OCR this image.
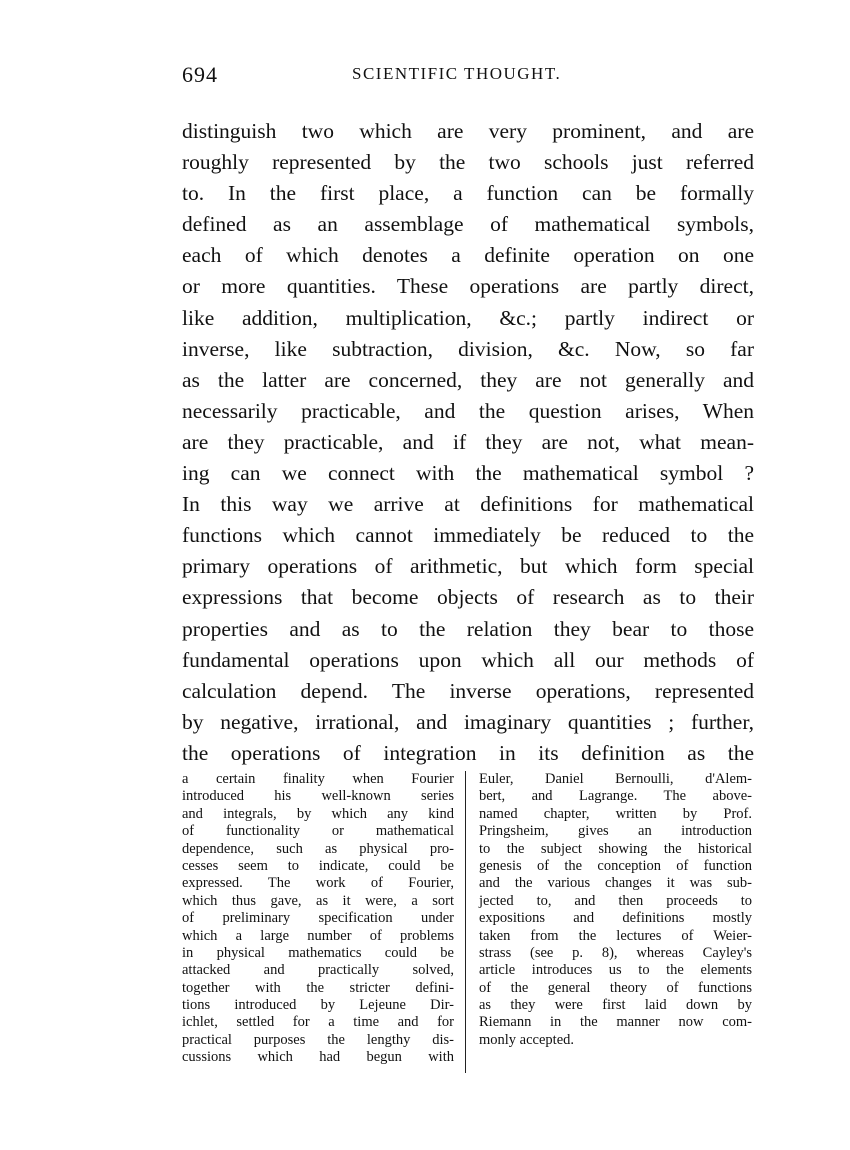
694	SCIENTIFIC THOUGHT.
distinguish two which are very prominent, and are
roughly represented by the two schools just referred
to. In the first place, a function can be formally
defined as an assemblage of mathematical symbols,
each of which denotes a definite operation on one
or more quantities. These operations are partly direct,
like addition, multiplication, &c.; partly indirect or
inverse, like subtraction, division, &c. Now, so far
as the latter are concerned, they are not generally and
necessarily practicable, and the question arises, When
are they practicable, and if they are not, what mean-
ing can we connect with the mathematical symbol ?
In this way we arrive at definitions for mathematical
functions which cannot immediately be reduced to the
primary operations of arithmetic, but which form special
expressions that become objects of research as to their
properties and as to the relation they bear to those
fundamental operations upon which all our methods of
calculation depend. The inverse operations, represented
by negative, irrational, and imaginary quantities ; further,
the operations of integration in its definition as the
a certain finality when Fourier
introduced his well-known series
and integrals, by which any kind
of functionality or mathematical
dependence, such as physical pro-
cesses seem to indicate, could be
expressed. The work of Fourier,
which thus gave, as it were, a sort
of preliminary specification under
which a large number of problems
in physical mathematics could be
attacked and practically solved,
together with the stricter defini-
tions introduced by Lejeune Dir-
ichlet, settled for a time and for
practical purposes the lengthy dis-
cussions which had begun with
Euler, Daniel Bernoulli, d'Alem-
bert, and Lagrange. The above-
named chapter, written by Prof.
Pringsheim, gives an introduction
to the subject showing the historical
genesis of the conception of function
and the various changes it was sub-
jected to, and then proceeds to
expositions and definitions mostly
taken from the lectures of Weier-
strass (see p. 8), whereas Cayley's
article introduces us to the elements
of the general theory of functions
as they were first laid down by
Riemann in the manner now com-
monly accepted.
